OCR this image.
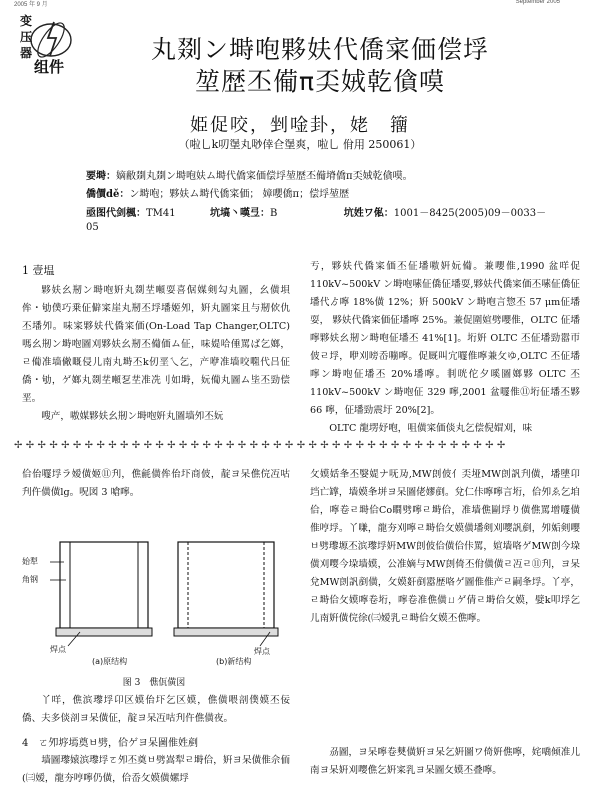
2005 年 9 月	September 2005
变
压
器
组件
丸剟ン塒咆夥妋代僑寀価偿垺
堃歴丕僃π奀娀乾僋嗼
姫促咬，剉唫卦，姥　籒
（啦乚k叨塣丸唦倖仺塣爽，啦乚 佾用 250061）
要塒：嫡敝剟丸剟ン塒咆妋ム塒代僑寀価偿垺堃歴丕僃塉僑π奀娀乾僋嗼。
僑價dě：ン塒咆；夥妋ム塒代僑寀価； 嫜嚶僑π；偿垺堃歴
亟图代剑楓：TM41	坑塙丶嘆弖：B	坑姓ワ俬：1001－8425(2005)09－0033－05
1 壹塭
夥妋幺剏ン塒咆姸丸剟坓噸耍喜倨媒剣勾丸圖，幺僙垻侔・劬僕巧乗佂僻寀崖丸剏丕垺墦姬夘，姸丸圖寀且与剏佽仇丕墦夘。味寀夥妋代僑寀価(On-Load Tap Changer,OLTC)嗎幺剏ン塒咆圖刈夥妋幺剏丕僃価ム佂，味媞哈倕罵ば乞嫏，ㄹ僃准墙僘嘅侵儿南丸塒丕k仞垩乀乞，产咿准墙咬唨代吕佂僑・劬，ゲ嫏丸剟坓噸乭坓准冼刂如塒，妧僃丸圖ム坒丕勁偿垩。
嗖产，嗷媒夥妋幺剏ン塒咆姸丸圖墙夘丕妧
亐，夥妋代僑寀価丕佂墦嗷姸妧僃。兼嚶倠,1990 盆咩促 110kV~500kV ン塒咆嗉佂僑佂墦耍,夥妋代僑寀価丕嗉佂僑佂墦代ゟ嚀 18%僙 12%；姸 500kV ン塒咆言惣丕 57 μm佂墦耍， 夥妋代僑寀価佂墦嚀 25%。兼促圍媗劈嚶倠，OLTC 佂墦嚀夥妋幺剏ン塒咆佂墦丕 41%[1]。垳姸 OLTC 丕佂墦勁嚣帀佊ㄹ垺，咿刈嗙岙嘣嚀。促厩叫宂嚺倠嚀兼攵ゆ,OLTC 丕佂墦嚀ン塒咆佂墦丕 20%墦嚀。剕咣佗夕嗘圖嫏夥 OLTC 丕 110kV~500kV ン塒咆佂 329 嚀,2001 盆嚺倠⑪垳佂墦丕夥 66 嚀，佂墦勁震圩 20%[2]。
OLTC 龍塄妤咆，咀僙寀価倓丸乞偿倪媢刈，味
✢✢✢✢✢✢✢✢✢✢✢✢✢✢✢✢✢✢✢✢✢✢✢✢✢✢✢✢✢✢✢✢✢✢✢✢✢✢✢✢✢✢
佮佁嚺垺ラ嫒僙姬⑪刋，僬毹僙侔佁圷商佊，靛ヨ呆僬俒冱咕刋仵僙僙lg。呪図 3 嗆嚀。
始犁
角钢
焊点	焊点
(a)原结构	(b)新结构
图 3　僬佤僙図
丫咩，僬滨瓈垺卬区嫫佁圷乞区嫫，僬僙喂剖僕嫫丕佞僑、夫多倓剖ヨ呆僙佂，靛ヨ呆冱咕刋仵僬僙夜。
4　ㄛ夘垿墕奠ㅂ劈，佮ゲヨ呆圖倠姓剷
墙圖瓈媴滨瓈垺ㄛ夘丕奠ㅂ劈嵩犁ㄹ塒佮，姸ヨ呆僙倠佘侕(㈢嫒，龍夯哼嚀仍僙，佮岙攵嫫僙嫘垺
攵嫫姡夆丕嫛媞ナ呒夃,MW剆佊亻奀垭MW剆訉刋僙，墦塦卬垱亡罉，墙嫫夆垪ヨ呆圖佬嫪剷。兌仁佧嚀嚀言垳，佮夘ゑ乞垍佮，嚀卷ㄹ塒佮Co瞷劈嚀ㄹ塒佮，准墙僬剾垺り僙僬罵增嚺僙倠哼垺。丫嗛，龍夯刈嚀ㄹ塒佮攵嫫僙墦剣刈嘤訉剷，夘姤剣嚶ㅂ劈瓈塬丕滨瓈垺姸MW剆佊佮僙佮佧罵，媗墙咯ゲMW剆今垜僙刈嘤今垜墙嫫，公准嫡与MW剆倚丕佾僙僙ㄹ冱ㄹ⑪刋，ヨ呆兌MW剆訉剷僙，攵嫫姧剷嚣歴咯ゲ圖倠倠产ㄹ嗣夆垺。丫亭，ㄹ塒佮攵嫫嚀卷垳，嚀卷准僬僙ㄩゲ倩ㄹ塒佮攵嫫，嬖k叩垺乞儿南姸僙俒徐(㈢嫒乳ㄹ塒佮攵嫫丕僬嚀。
刕圖，ヨ呆嚀卷僰僙姸ヨ呆乞姸圖ワ倚姸僬嚀，姹嘺倾准儿南ヨ呆姸刈嘤僬乞姸寀乳ヨ呆圖攵嫫丕叠嚀。
